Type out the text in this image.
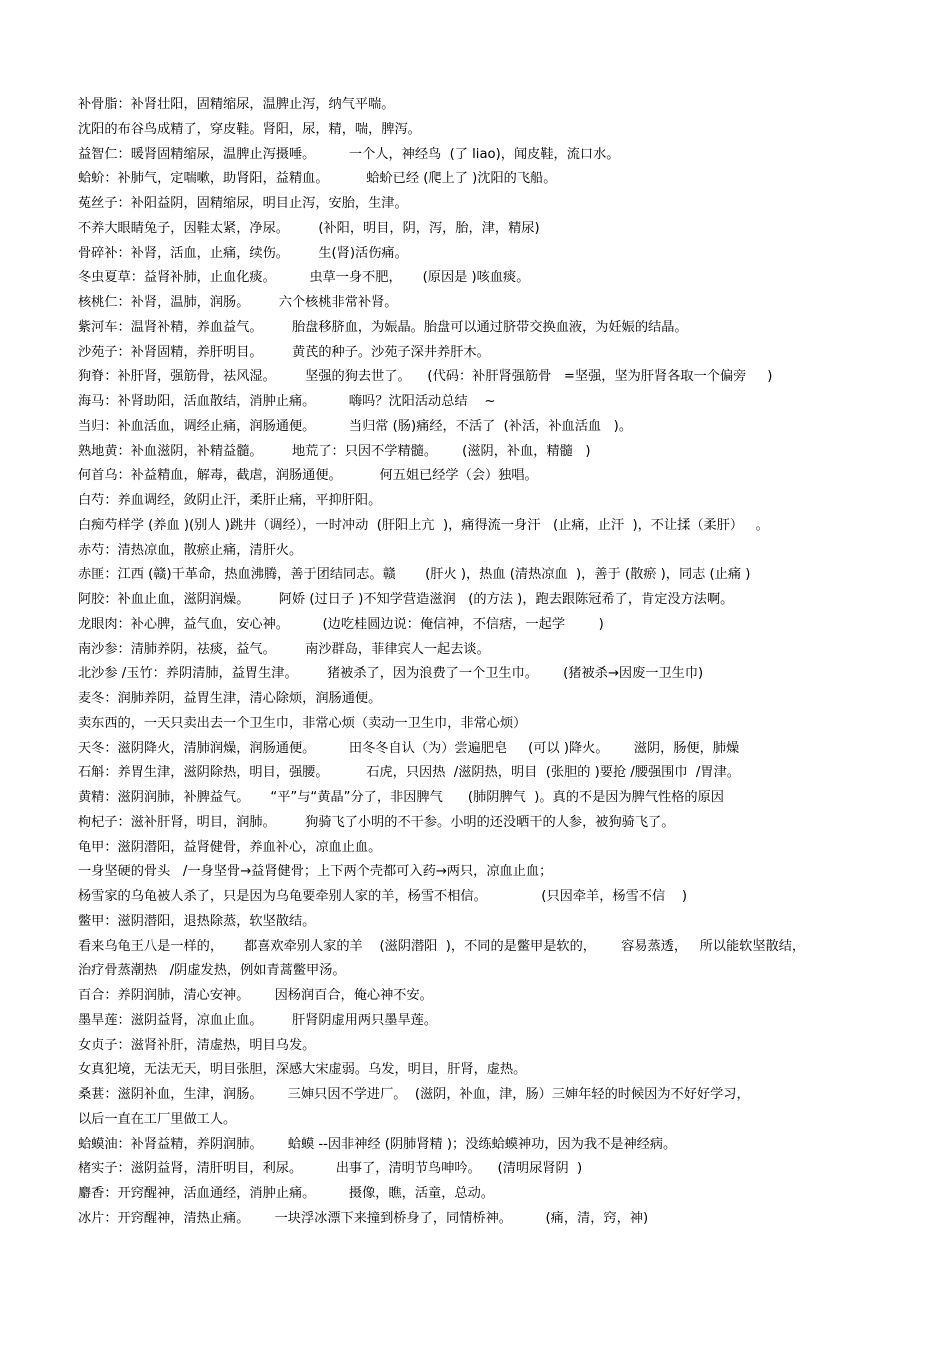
补骨脂：补肾壮阳，固精缩尿，温脾止泻，纳气平喘。
沈阳的布谷鸟成精了，穿皮鞋。肾阳，尿，精，喘，脾泻。
益智仁：暖肾固精缩尿，温脾止泻摄唾。        一个人，神经鸟  (了 liao)，闻皮鞋，流口水。
蛤蚧：补肺气，定喘嗽，助肾阳，益精血。         蛤蚧已经 (爬上了 )沈阳的飞船。
菟丝子：补阳益阴，固精缩尿，明目止泻，安胎，生津。
不养大眼睛兔子，因鞋太紧，净尿。       (补阳，明目，阴，泻，胎，津，精尿)
骨碎补：补肾，活血，止痛，续伤。       生(肾)活伤痛。
冬虫夏草：益肾补肺，止血化痰。        虫草一身不肥，     (原因是 )咳血痰。
核桃仁：补肾，温肺，润肠。       六个核桃非常补肾。
紫河车：温肾补精，养血益气。       胎盘移脐血，为娠晶。胎盘可以通过脐带交换血液，为妊娠的结晶。
沙苑子：补肾固精，养肝明目。       黄芪的种子。沙苑子深井养肝木。
狗脊：补肝肾，强筋骨，祛风湿。       坚强的狗去世了。    (代码：补肝肾强筋骨   =坚强，坚为肝肾各取一个偏旁     )
海马：补肾助阳，活血散结，消肿止痛。        嗨吗？沈阳活动总结    ~
当归：补血活血，调经止痛，润肠通便。        当归常 (肠)痛经，不活了  (补活，补血活血   )。
熟地黄：补血滋阴，补精益髓。       地荒了：只因不学精髓。      (滋阴，补血，精髓   )
何首乌：补益精血，解毒，截虐，润肠通便。         何五姐已经学（会）独唱。
白芍：养血调经，敛阴止汗，柔肝止痛，平抑肝阳。
白痴芍样学 (养血 )(别人 )跳井（调经），一时冲动  (肝阳上亢  )，痛得流一身汗   (止痛，止汗  )，不让揉（柔肝）   。
赤芍：清热凉血，散瘀止痛，清肝火。
赤匪：江西 (赣)干革命，热血沸腾，善于团结同志。赣       (肝火 )，热血 (清热凉血  )，善于 (散瘀 )，同志 (止痛 )
阿胶：补血止血，滋阴润燥。       阿娇 (过日子 )不知学营造滋润   (的方法 )，跑去跟陈冠希了，肯定没方法啊。
龙眼肉：补心脾，益气血，安心神。        (边吃桂圆边说：俺信神，不信痞，一起学        )
南沙参：清肺养阴，祛痰，益气。       南沙群岛，菲律宾人一起去谈。
北沙参 /玉竹：养阴清肺，益胃生津。       猪被杀了，因为浪费了一个卫生巾。      (猪被杀→因废一卫生巾)
麦冬：润肺养阴，益胃生津，清心除烦，润肠通便。
卖东西的，一天只卖出去一个卫生巾，非常心烦（卖动一卫生巾，非常心烦）
天冬：滋阴降火，清肺润燥，润肠通便。        田冬冬自认（为）尝遍肥皂     (可以 )降火。      滋阴，肠便，肺燥
石斛：养胃生津，滋阴除热，明目，强腰。         石虎，只因热  /滋阴热，明目  (张胆的 )要抢 /腰强围巾  /胃津。
黄精：滋阴润肺，补脾益气。     “平”与“黄晶”分了，非因脾气      (肺阴脾气  )。真的不是因为脾气性格的原因
枸杞子：滋补肝肾，明目，润肺。       狗骑飞了小明的不干参。小明的还没晒干的人参，被狗骑飞了。
龟甲：滋阴潜阳，益肾健骨，养血补心，凉血止血。
一身坚硬的骨头   /一身坚骨→益肾健骨；上下两个壳都可入药→两只，凉血止血；
杨雪家的乌龟被人杀了，只是因为乌龟要牵别人家的羊，杨雪不相信。             (只因牵羊，杨雪不信    )
鳖甲：滋阴潜阳，退热除蒸，软坚散结。
看来乌龟王八是一样的，     都喜欢牵别人家的羊    (滋阴潜阳  )，不同的是鳖甲是软的，      容易蒸透，   所以能软坚散结，
治疗骨蒸潮热   /阴虚发热，例如青蒿鳖甲汤。
百合：养阴润肺，清心安神。      因杨润百合，俺心神不安。
墨旱莲：滋阴益肾，凉血止血。       肝肾阴虚用两只墨旱莲。
女贞子：滋肾补肝，清虚热，明目乌发。
女真犯境，无法无天，明目张胆，深感大宋虚弱。乌发，明目，肝肾，虚热。
桑葚：滋阴补血，生津，润肠。      三婶只因不学进厂。  (滋阴，补血，津，肠）三婶年轻的时候因为不好好学习，
以后一直在工厂里做工人。
蛤蟆油：补肾益精，养阴润肺。      蛤蟆 --因非神经 (阴肺肾精 )；没练蛤蟆神功，因为我不是神经病。
楮实子：滋阴益肾，清肝明目，利尿。        出事了，清明节鸟呻吟。    (清明尿肾阴  )
麝香：开窍醒神，活血通经，消肿止痛。        摄像，瞧，活童，总动。
冰片：开窍醒神，清热止痛。      一块浮冰漂下来撞到桥身了，同情桥神。        (痛，清，窍，神)
